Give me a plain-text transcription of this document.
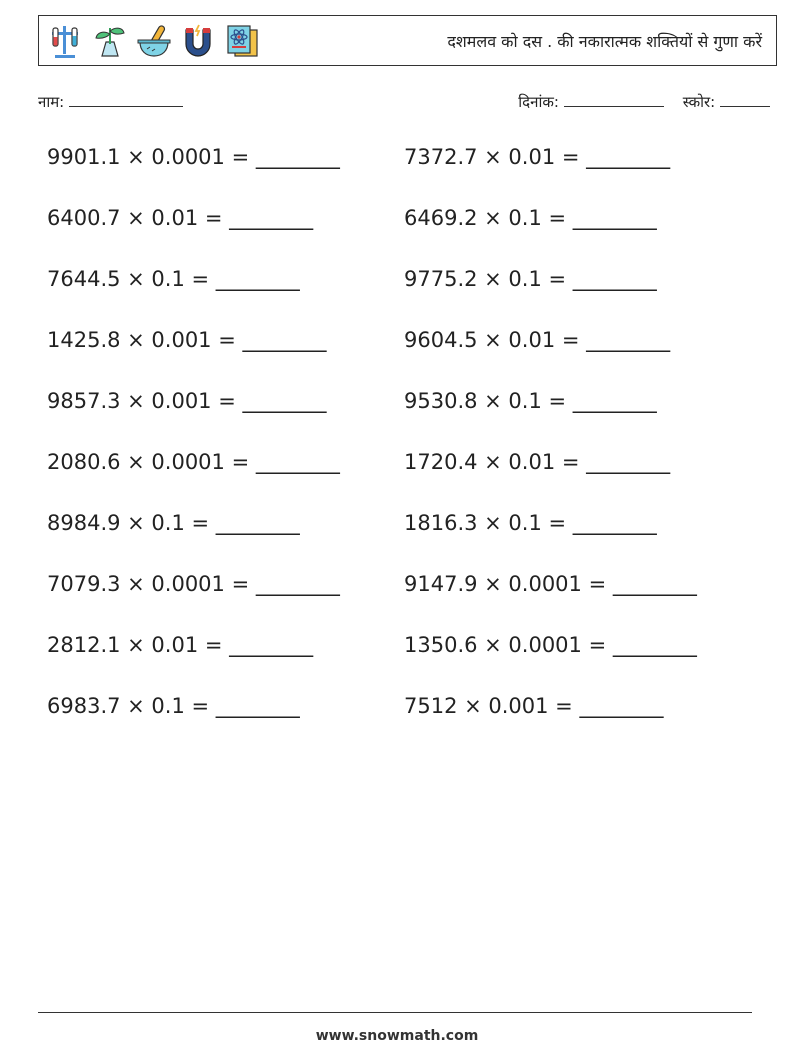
दशमलव को दस . की नकारात्मक शक्तियों से गुणा करें
नाम:	दिनांक:	स्कोर:
9901.1 × 0.0001 = ________	7372.7 × 0.01 = ________
6400.7 × 0.01 = ________	6469.2 × 0.1 = ________
7644.5 × 0.1 = ________	9775.2 × 0.1 = ________
1425.8 × 0.001 = ________	9604.5 × 0.01 = ________
9857.3 × 0.001 = ________	9530.8 × 0.1 = ________
2080.6 × 0.0001 = ________	1720.4 × 0.01 = ________
8984.9 × 0.1 = ________	1816.3 × 0.1 = ________
7079.3 × 0.0001 = ________	9147.9 × 0.0001 = ________
2812.1 × 0.01 = ________	1350.6 × 0.0001 = ________
6983.7 × 0.1 = ________	7512 × 0.001 = ________
www.snowmath.com
